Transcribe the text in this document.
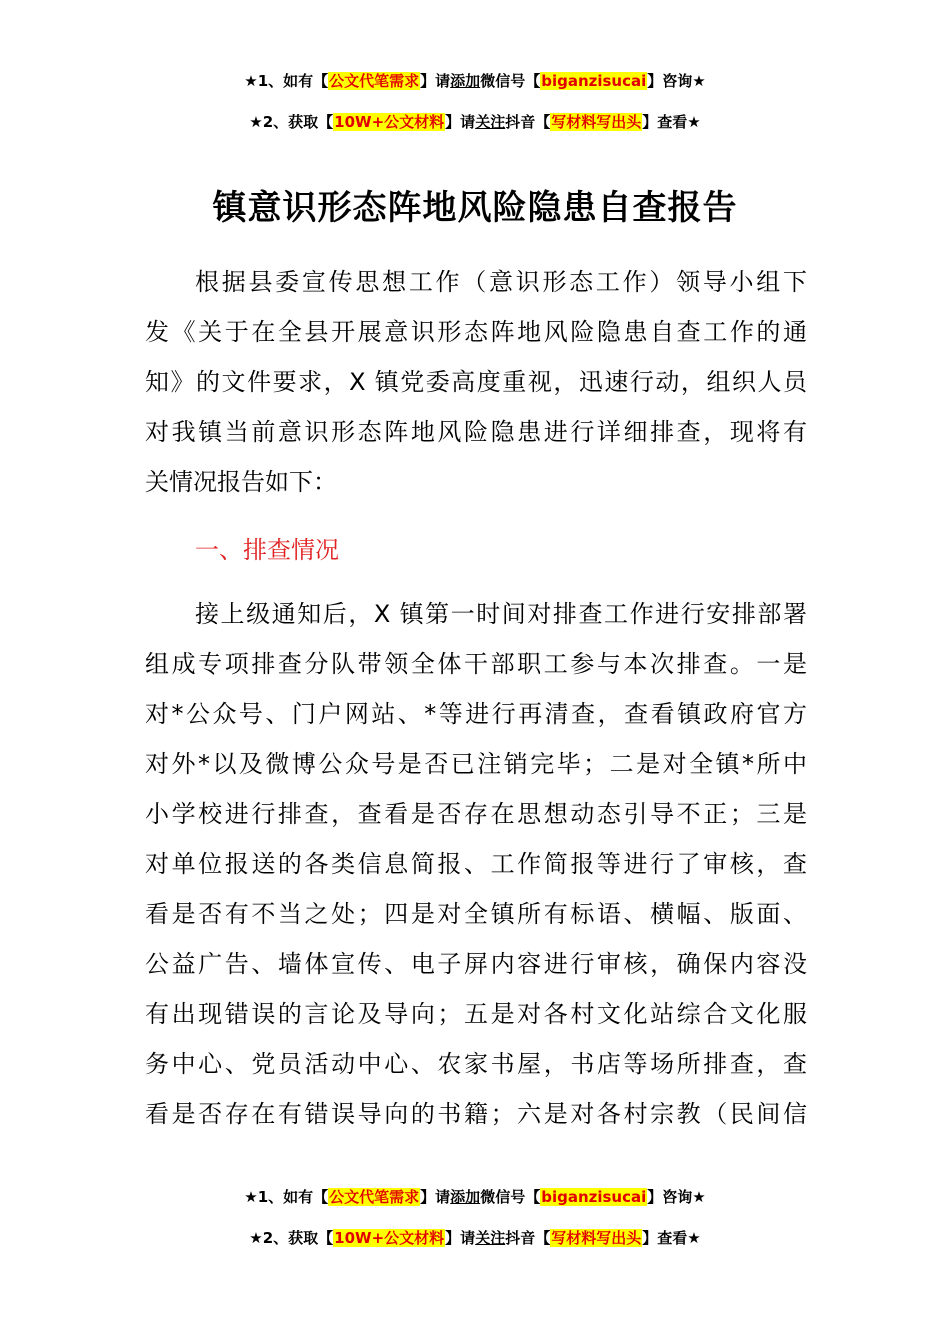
★1、如有【公文代笔需求】请添加微信号【biganzisucai】咨询★
★2、获取【10W+公文材料】请关注抖音【写材料写出头】查看★
镇意识形态阵地风险隐患自查报告
根据县委宣传思想工作（意识形态工作）领导小组下
发《关于在全县开展意识形态阵地风险隐患自查工作的通
知》的文件要求，X 镇党委高度重视，迅速行动，组织人员
对我镇当前意识形态阵地风险隐患进行详细排查，现将有
关情况报告如下：
一、排查情况
接上级通知后，X 镇第一时间对排查工作进行安排部署
组成专项排查分队带领全体干部职工参与本次排查。一是
对*公众号、门户网站、*等进行再清查，查看镇政府官方
对外*以及微博公众号是否已注销完毕；二是对全镇*所中
小学校进行排查，查看是否存在思想动态引导不正；三是
对单位报送的各类信息简报、工作简报等进行了审核，查
看是否有不当之处；四是对全镇所有标语、横幅、版面、
公益广告、墙体宣传、电子屏内容进行审核，确保内容没
有出现错误的言论及导向；五是对各村文化站综合文化服
务中心、党员活动中心、农家书屋，书店等场所排查，查
看是否存在有错误导向的书籍；六是对各村宗教（民间信
★1、如有【公文代笔需求】请添加微信号【biganzisucai】咨询★
★2、获取【10W+公文材料】请关注抖音【写材料写出头】查看★
